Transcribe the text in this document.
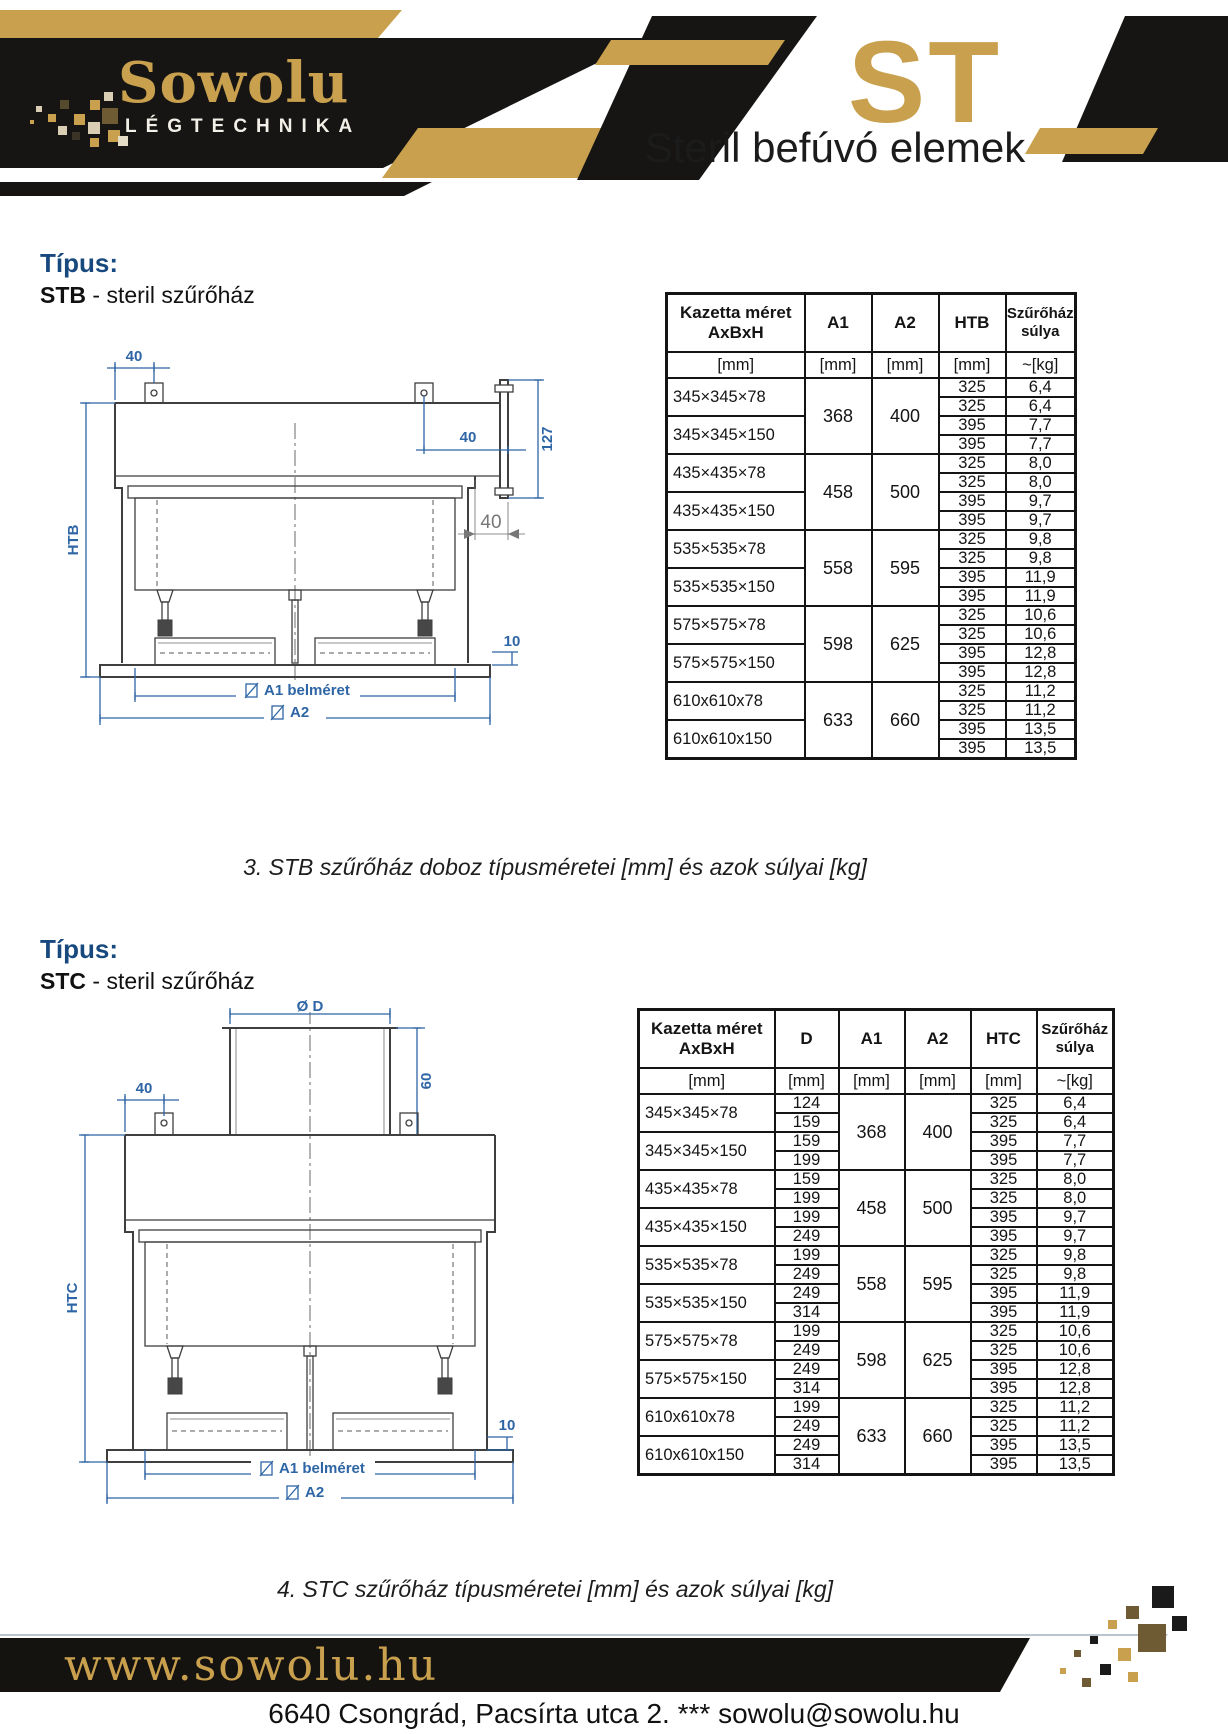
Sowolu
LÉGTECHNIKA	ST
Steril befúvó elemek
Típus:
STB - steril szűrőház
40
40	127
40
10
HTB
A1 belméret
A2
Kazetta méret
AxBxH

A1	A2	HTB	Szűrőház
súlya

[mm]	[mm]	[mm]	[mm]	~[kg]
345×345×78	368	400	325	6,4
			325	6,4
345×345×150			395	7,7
			395	7,7
435×435×78	458	500	325	8,0
			325	8,0
435×435×150			395	9,7
			395	9,7
535×535×78	558	595	325	9,8
			325	9,8
535×535×150			395	11,9
			395	11,9
575×575×78	598	625	325	10,6
			325	10,6
575×575×150			395	12,8
			395	12,8
610x610x78	633	660	325	11,2
			325	11,2
610x610x150			395	13,5
			395	13,5
3. STB szűrőház doboz típusméretei [mm] és azok súlyai [kg]
Típus:
STC - steril szűrőház
Ø D
60
40
10
HTC
A1 belméret
A2
Kazetta méret
AxBxH

D	A1	A2	HTC	Szűrőház
súlya

[mm]	[mm]	[mm]	[mm]	[mm]	~[kg]
345×345×78	124	368	400	325	6,4
	159			325	6,4
345×345×150	159			395	7,7
	199			395	7,7
435×435×78	159	458	500	325	8,0
	199			325	8,0
435×435×150	199			395	9,7
	249			395	9,7
535×535×78	199	558	595	325	9,8
	249			325	9,8
535×535×150	249			395	11,9
	314			395	11,9
575×575×78	199	598	625	325	10,6
	249			325	10,6
575×575×150	249			395	12,8
	314			395	12,8
610x610x78	199	633	660	325	11,2
	249			325	11,2
610x610x150	249			395	13,5
	314			395	13,5
4. STC szűrőház típusméretei [mm] és azok súlyai [kg]
www.sowolu.hu
6640 Csongrád, Pacsírta utca 2. *** sowolu@sowolu.hu
